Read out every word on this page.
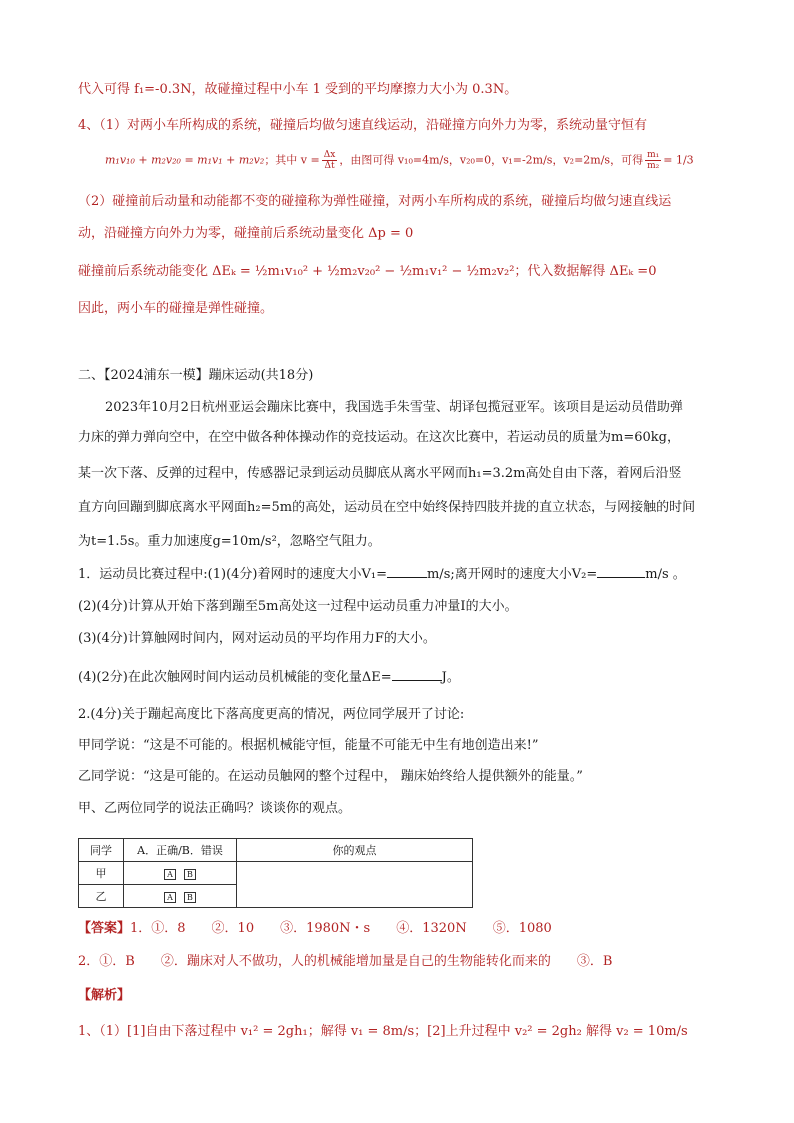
代入可得 f₁=-0.3N，故碰撞过程中小车 1 受到的平均摩擦力大小为 0.3N。
4、（1）对两小车所构成的系统，碰撞后均做匀速直线运动，沿碰撞方向外力为零，系统动量守恒有
m₁v₁₀ + m₂v₂₀ = m₁v₁ + m₂v₂；其中 $v = \frac{\Delta x}{\Delta t}$ ，由图可得 v₁₀=4m/s，v₂₀=0，v₁=-2m/s，v₂=2m/s，可得 $\frac{\text{m₁}}{\text{m₂}} = 1/3$
（2）碰撞前后动量和动能都不变的碰撞称为弹性碰撞，对两小车所构成的系统，碰撞后均做匀速直线运
动，沿碰撞方向外力为零，碰撞前后系统动量变化 Δp = 0
碰撞前后系统动能变化 ΔEₖ = ½m₁v₁₀² + ½m₂v₂₀² − ½m₁v₁² − ½m₂v₂²；代入数据解得 ΔEₖ =0
因此，两小车的碰撞是弹性碰撞。
二、【2024浦东一模】蹦床运动(共18分)
2023年10月2日杭州亚运会蹦床比赛中，我国选手朱雪莹、胡译包揽冠亚军。该项目是运动员借助弹
力床的弹力弹向空中，在空中做各种体操动作的竞技运动。在这次比赛中，若运动员的质量为m=60kg，
某一次下落、反弹的过程中，传感器记录到运动员脚底从离水平网而h₁=3.2m高处自由下落，着网后沿竖
直方向回蹦到脚底离水平网面h₂=5m的高处，运动员在空中始终保持四肢并拢的直立状态，与网接触的时间
为t=1.5s。重力加速度g=10m/s²，忽略空气阻力。
1．运动员比赛过程中:(1)(4分)着网时的速度大小V₁=	m/s;离开网时的速度大小V₂=	m/s 。
(2)(4分)计算从开始下落到蹦至5m高处这一过程中运动员重力冲量I的大小。
(3)(4分)计算触网时间内，网对运动员的平均作用力F的大小。
(4)(2分)在此次触网时间内运动员机械能的变化量ΔE=	J。
2.(4分)关于蹦起高度比下落高度更高的情况，两位同学展开了讨论:
甲同学说：“这是不可能的。根据机械能守恒，能量不可能无中生有地创造出来!”
乙同学说：“这是可能的。在运动员触网的整个过程中， 蹦床始终给人提供额外的能量。”
甲、乙两位同学的说法正确吗？谈谈你的观点。
同学	A．正确/B．错误	你的观点
甲	A B	
乙	A B	
【答案】1．①．8　　②．10　　③．1980N・s　　④．1320N　　⑤．1080
2．①．B　　②．蹦床对人不做功，人的机械能增加量是自己的生物能转化而来的　　③．B
【解析】
1、（1）[1]自由下落过程中 v₁² = 2gh₁；解得 v₁ = 8m/s；[2]上升过程中 v₂² = 2gh₂ 解得 v₂ = 10m/s
